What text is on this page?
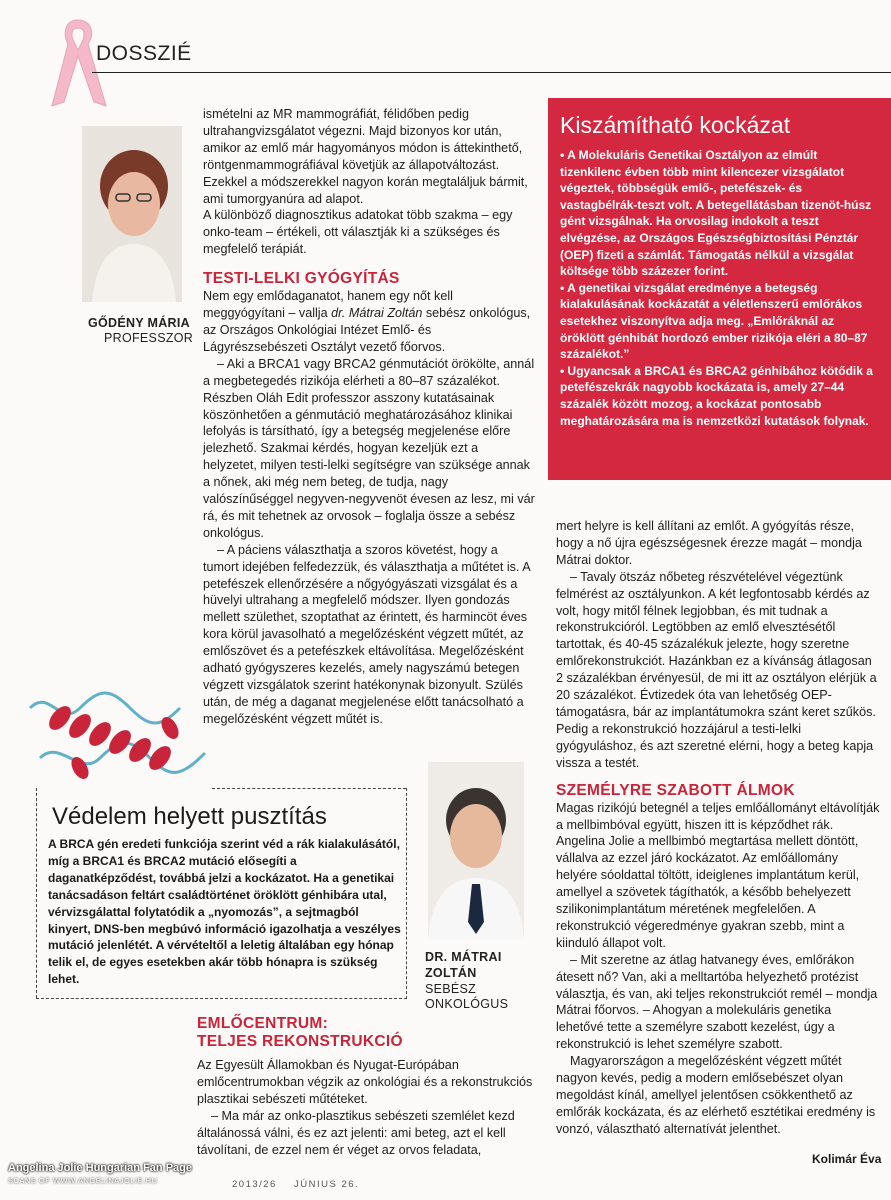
DOSSZIÉ
GŐDÉNY MÁRIA
PROFESSZOR

ismételni az MR mammográfiát, félidőben pedig ultrahangvizsgálatot végezni. Majd bizonyos kor után, amikor az emlő már hagyományos módon is áttekinthető, röntgenmammográfiával követjük az állapotváltozást. Ezekkel a módszerekkel nagyon korán megtaláljuk bármit, ami tumorgyanúra ad alapot.

A különböző diagnosztikus adatokat több szakma – egy onko-team – értékeli, ott választják ki a szükséges és megfelelő terápiát.

TESTI-LELKI GYÓGYÍTÁS

Nem egy emlődaganatot, hanem egy nőt kell meggyógyítani – vallja dr. Mátrai Zoltán sebész onkológus, az Országos Onkológiai Intézet Emlő- és Lágyrészsebészeti Osztályt vezető főorvos.

– Aki a BRCA1 vagy BRCA2 génmutációt örökölte, annál a megbetegedés rizikója elérheti a 80–87 százalékot. Részben Oláh Edit professzor asszony kutatásainak köszönhetően a génmutáció meghatározásához klinikai lefolyás is társítható, így a betegség megjelenése előre jelezhető. Szakmai kérdés, hogyan kezeljük ezt a helyzetet, milyen testi-lelki segítségre van szüksége annak a nőnek, aki még nem beteg, de tudja, nagy valószínűséggel negyven-negyvenöt évesen az lesz, mi vár rá, és mit tehetnek az orvosok – foglalja össze a sebész onkológus.

– A páciens választhatja a szoros követést, hogy a tumort idejében felfedezzük, és választhatja a műtétet is. A petefészek ellenőrzésére a nőgyógyászati vizsgálat és a hüvelyi ultrahang a megfelelő módszer. Ilyen gondozás mellett születhet, szoptathat az érintett, és harmincöt éves kora körül javasolható a megelőzésként végzett műtét, az emlőszövet és a petefészkek eltávolítása. Megelőzésként adható gyógyszeres kezelés, amely nagyszámú betegen végzett vizsgálatok szerint hatékonynak bizonyult. Szülés után, de még a daganat megjelenése előtt tanácsolható a megelőzésként végzett műtét is.

Kiszámítható kockázat

• A Molekuláris Genetikai Osztályon az elmúlt tizenkilenc évben több mint kilencezer vizsgálatot végeztek, többségük emlő-, petefészek- és vastagbélrák-teszt volt. A betegellátásban tizenöt-húsz gént vizsgálnak. Ha orvosilag indokolt a teszt elvégzése, az Országos Egészségbiztosítási Pénztár (OEP) fizeti a számlát. Támogatás nélkül a vizsgálat költsége több százezer forint.

• A genetikai vizsgálat eredménye a betegség kialakulásának kockázatát a véletlenszerű emlőrákos esetekhez viszonyítva adja meg. „Emlőráknál az öröklött génhibát hordozó ember rizikója eléri a 80–87 százalékot.”

• Ugyancsak a BRCA1 és BRCA2 génhibához kötődik a petefészekrák nagyobb kockázata is, amely 27–44 százalék között mozog, a kockázat pontosabb meghatározására ma is nemzetközi kutatások folynak.

Védelem helyett pusztítás
A BRCA gén eredeti funkciója szerint véd a rák kialakulásától, míg a BRCA1 és BRCA2 mutáció elősegíti a daganatképződést, továbbá jelzi a kockázatot. Ha a genetikai tanácsadáson feltárt családtörténet öröklött génhibára utal, vérvizsgálattal folytatódik a „nyomozás”, a sejtmagból kinyert, DNS-ben megbúvó információ igazolhatja a veszélyes mutáció jelenlétét. A vérvételtől a leletig általában egy hónap telik el, de egyes esetekben akár több hónapra is szükség lehet.
DR. MÁTRAI
ZOLTÁN
SEBÉSZ
ONKOLÓGUS
EMLŐCENTRUM:
TELJES REKONSTRUKCIÓ

Az Egyesült Államokban és Nyugat-Európában emlőcentrumokban végzik az onkológiai és a rekonstrukciós plasztikai sebészeti műtéteket.

– Ma már az onko-plasztikus sebészeti szemlélet kezd általánossá válni, és ez azt jelenti: ami beteg, azt el kell távolítani, de ezzel nem ér véget az orvos feladata,

mert helyre is kell állítani az emlőt. A gyógyítás része, hogy a nő újra egészségesnek érezze magát – mondja Mátrai doktor.

– Tavaly ötszáz nőbeteg részvételével végeztünk felmérést az osztályunkon. A két legfontosabb kérdés az volt, hogy mitől félnek legjobban, és mit tudnak a rekonstrukcióról. Legtöbben az emlő elvesztésétől tartottak, és 40-45 százalékuk jelezte, hogy szeretne emlőrekonstrukciót. Hazánkban ez a kívánság átlagosan 2 százalékban érvényesül, de mi itt az osztályon elérjük a 20 százalékot. Évtizedek óta van lehetőség OEP-támogatásra, bár az implantátumokra szánt keret szűkös. Pedig a rekonstrukció hozzájárul a testi-lelki gyógyuláshoz, és azt szeretné elérni, hogy a beteg kapja vissza a testét.

SZEMÉLYRE SZABOTT ÁLMOK

Magas rizikójú betegnél a teljes emlőállományt eltávolítják a mellbimbóval együtt, hiszen itt is képződhet rák. Angelina Jolie a mellbimbó megtartása mellett döntött, vállalva az ezzel járó kockázatot. Az emlőállomány helyére sóoldattal töltött, ideiglenes implantátum kerül, amellyel a szövetek tágíthatók, a később behelyezett szilikonimplantátum méretének megfelelően. A rekonstrukció végeredménye gyakran szebb, mint a kiinduló állapot volt.

– Mit szeretne az átlag hatvanegy éves, emlőrákon átesett nő? Van, aki a melltartóba helyezhető protézist választja, és van, aki teljes rekonstrukciót remél – mondja Mátrai főorvos. – Ahogyan a molekuláris genetika lehetővé tette a személyre szabott kezelést, úgy a rekonstrukció is lehet személyre szabott.

Magyarországon a megelőzésként végzett műtét nagyon kevés, pedig a modern emlősebészet olyan megoldást kínál, amellyel jelentősen csökkenthető az emlőrák kockázata, és az elérhető esztétikai eredmény is vonzó, választható alternatívát jelenthet.

Kolimár Éva
2013/26 JÚNIUS 26.
Angelina Jolie Hungarian Fan Page
SCANS OF WWW.ANGELINAJOLIE.HU
